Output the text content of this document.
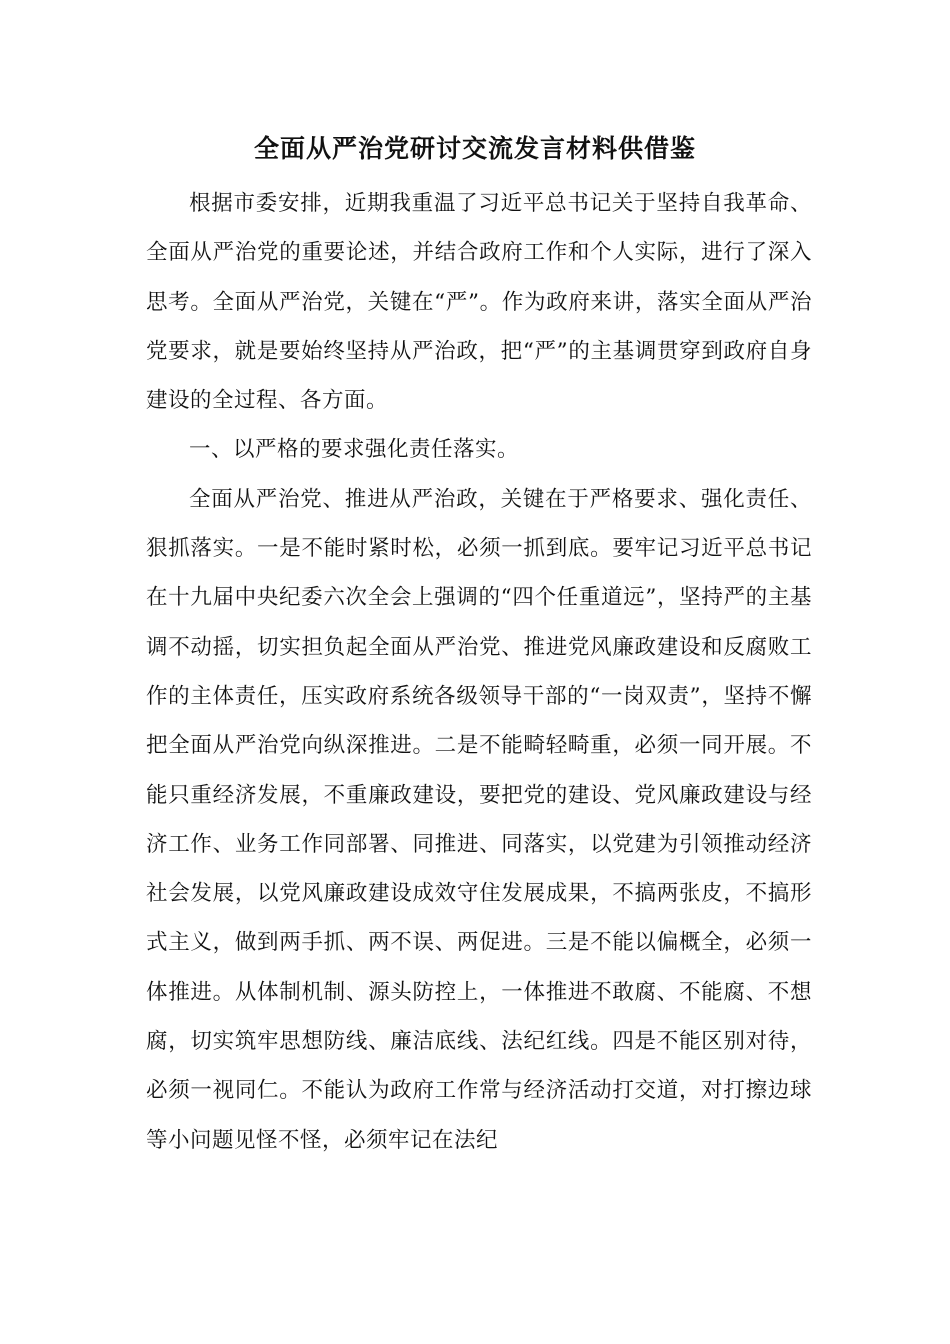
全面从严治党研讨交流发言材料供借鉴

根据市委安排，近期我重温了习近平总书记关于坚持自我革命、全面从严治党的重要论述，并结合政府工作和个人实际，进行了深入思考。全面从严治党，关键在“严”。作为政府来讲，落实全面从严治党要求，就是要始终坚持从严治政，把“严”的主基调贯穿到政府自身建设的全过程、各方面。

一、以严格的要求强化责任落实。

全面从严治党、推进从严治政，关键在于严格要求、强化责任、狠抓落实。一是不能时紧时松，必须一抓到底。要牢记习近平总书记在十九届中央纪委六次全会上强调的“四个任重道远”，坚持严的主基调不动摇，切实担负起全面从严治党、推进党风廉政建设和反腐败工作的主体责任，压实政府系统各级领导干部的“一岗双责”，坚持不懈把全面从严治党向纵深推进。二是不能畸轻畸重，必须一同开展。不能只重经济发展，不重廉政建设，要把党的建设、党风廉政建设与经济工作、业务工作同部署、同推进、同落实，以党建为引领推动经济社会发展，以党风廉政建设成效守住发展成果，不搞两张皮，不搞形式主义，做到两手抓、两不误、两促进。三是不能以偏概全，必须一体推进。从体制机制、源头防控上，一体推进不敢腐、不能腐、不想腐，切实筑牢思想防线、廉洁底线、法纪红线。四是不能区别对待，必须一视同仁。不能认为政府工作常与经济活动打交道，对打擦边球等小问题见怪不怪，必须牢记在法纪
